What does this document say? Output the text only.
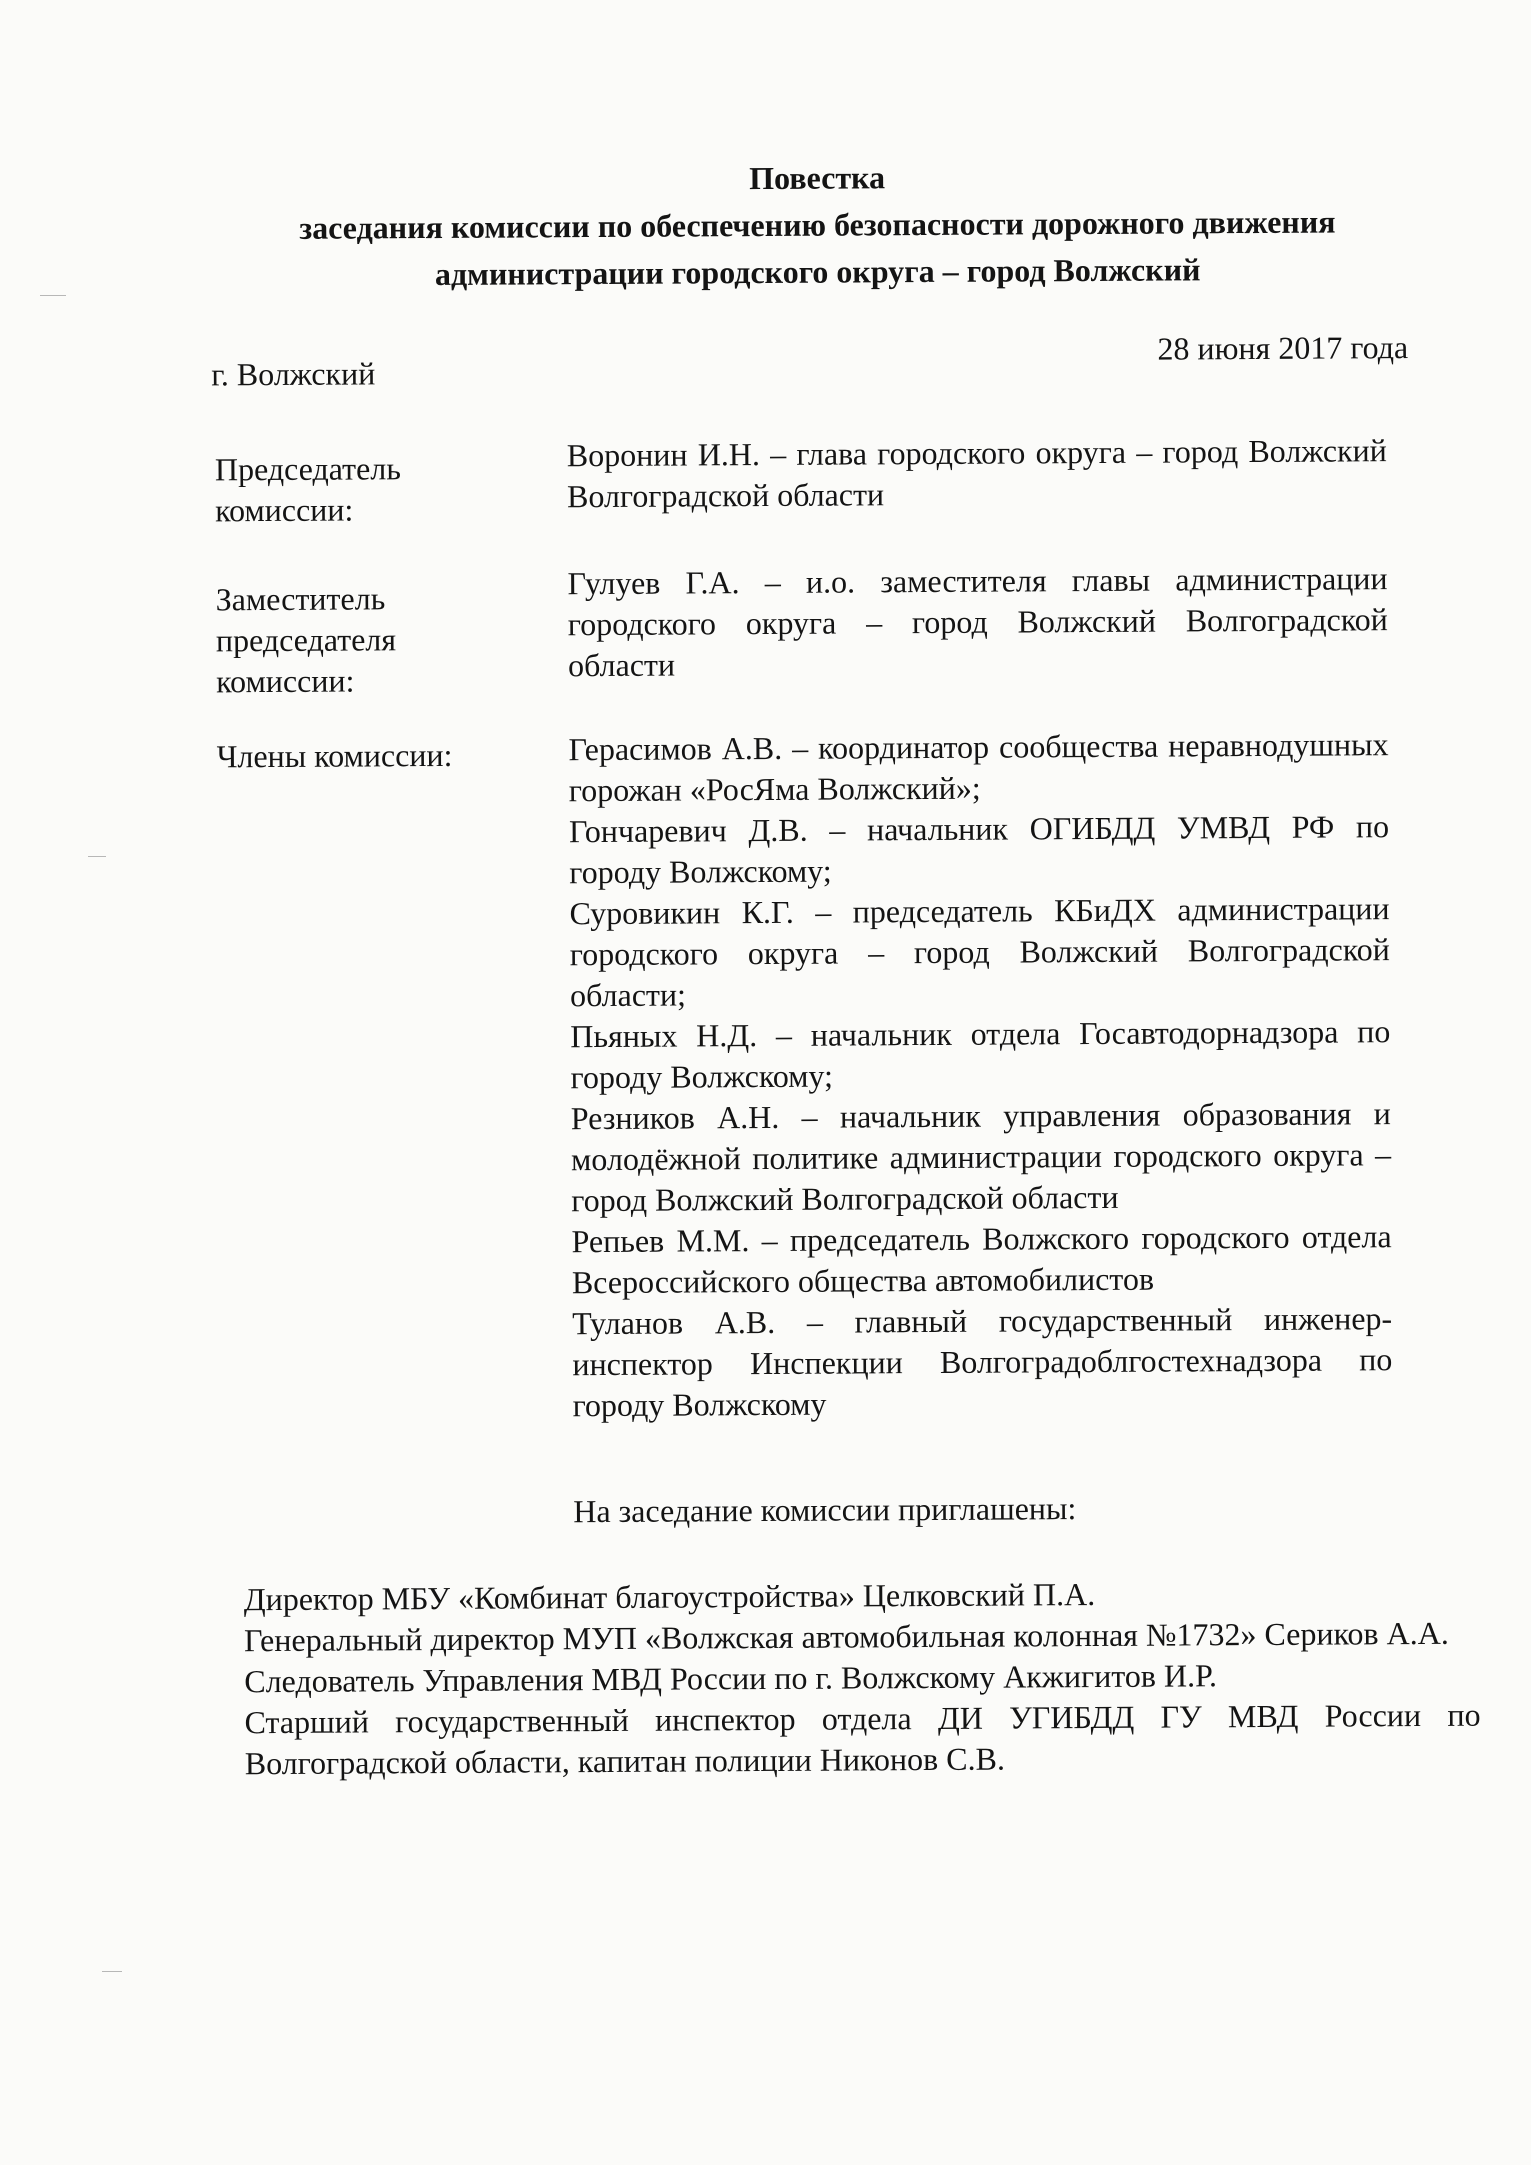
Повестка
заседания комиссии по обеспечению безопасности дорожного движения
администрации городского округа – город Волжский
г. Волжский
28 июня 2017 года
Председатель
комиссии:
Воронин И.Н. – глава городского округа – город Волжский Волгоградской области
Заместитель
председателя
комиссии:
Гулуев Г.А. – и.о. заместителя главы администрации городского округа – город Волжский Волгоградской области
Члены комиссии:	Герасимов А.В. – координатор сообщества неравнодушных горожан «РосЯма Волжский»;
Гончаревич Д.В. – начальник ОГИБДД УМВД РФ по городу Волжскому;
Суровикин К.Г. – председатель КБиДХ администрации городского округа – город Волжский Волгоградской области;
Пьяных Н.Д. – начальник отдела Госавтодорнадзора по городу Волжскому;
Резников А.Н. – начальник управления образования и молодёжной политике администрации городского округа – город Волжский Волгоградской области
Репьев М.М. – председатель Волжского городского отдела Всероссийского общества автомобилистов
Туланов А.В. – главный государственный инженер-инспектор Инспекции Волгоградоблгостехнадзора по городу Волжскому
На заседание комиссии приглашены:
Директор МБУ «Комбинат благоустройства» Целковский П.А.
Генеральный директор МУП «Волжская автомобильная колонная №1732» Сериков А.А.
Следователь Управления МВД России по г. Волжскому Акжигитов И.Р.
Старший государственный инспектор отдела ДИ УГИБДД ГУ МВД России по Волгоградской области, капитан полиции Никонов С.В.
